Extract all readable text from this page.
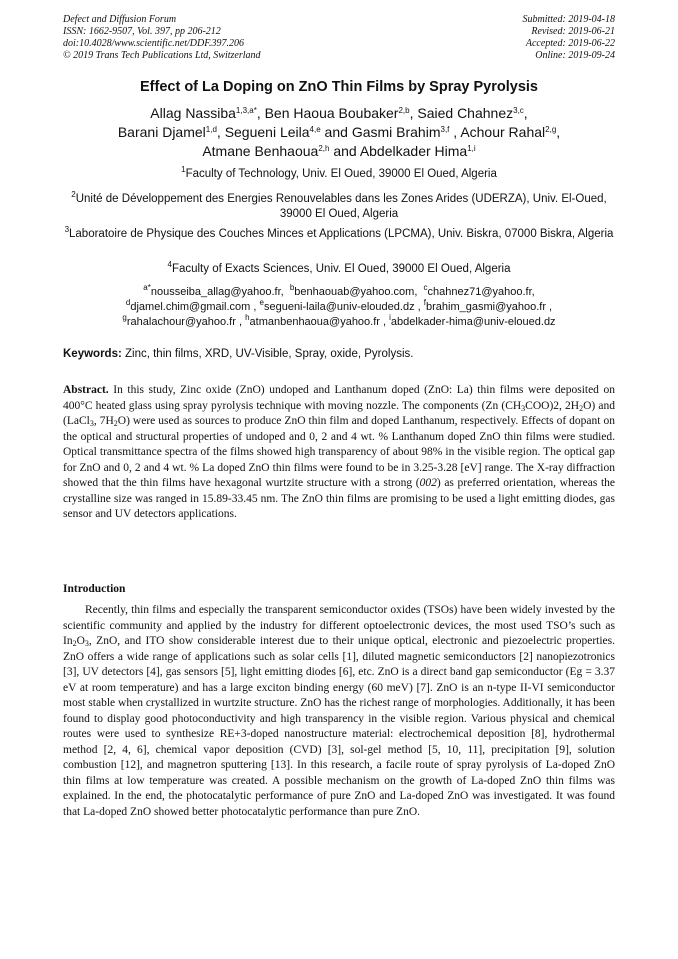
Defect and Diffusion Forum
ISSN: 1662-9507, Vol. 397, pp 206-212
doi:10.4028/www.scientific.net/DDF.397.206
© 2019 Trans Tech Publications Ltd, Switzerland
Submitted: 2019-04-18
Revised: 2019-06-21
Accepted: 2019-06-22
Online: 2019-09-24
Effect of La Doping on ZnO Thin Films by Spray Pyrolysis
Allag Nassiba$^{1,3,a*}$, Ben Haoua Boubaker$^{2,b}$, Saied Chahnez$^{3,c}$,
Barani Djamel$^{1,d}$, Segueni Leila$^{4,e}$ and Gasmi Brahim$^{3,f}$ , Achour Rahal$^{2,g}$,
Atmane Benhaoua$^{2,h}$ and Abdelkader Hima$^{1,i}$
$^1$Faculty of Technology, Univ. El Oued, 39000 El Oued, Algeria
$^2$Unité de Développement des Energies Renouvelables dans les Zones Arides (UDERZA), Univ. El-Oued, 39000 El Oued, Algeria
$^3$Laboratoire de Physique des Couches Minces et Applications (LPCMA), Univ. Biskra, 07000 Biskra, Algeria
$^4$Faculty of Exacts Sciences, Univ. El Oued, 39000 El Oued, Algeria
$^{a*}$nousseiba_allag@yahoo.fr, $^b$benhaouab@yahoo.com, $^c$chahnez71@yahoo.fr,
$^d$djamel.chim@gmail.com , $^e$segueni-laila@univ-elouded.dz , $^f$brahim_gasmi@yahoo.fr ,
$^g$rahalachour@yahoo.fr , $^h$atmanbenhaoua@yahoo.fr , $^i$abdelkader-hima@univ-eloued.dz
Keywords: Zinc, thin films, XRD, UV-Visible, Spray, oxide, Pyrolysis.
Abstract. In this study, Zinc oxide (ZnO) undoped and Lanthanum doped (ZnO: La) thin films were deposited on 400°C heated glass using spray pyrolysis technique with moving nozzle. The components (Zn $(CH_3COO)2$, $2H_2O$) and (LaCl$_3$, $7H_2O$) were used as sources to produce ZnO thin film and doped Lanthanum, respectively. Effects of dopant on the optical and structural properties of undoped and 0, 2 and 4 wt. % Lanthanum doped ZnO thin films were studied. Optical transmittance spectra of the films showed high transparency of about 98% in the visible region. The optical gap for ZnO and 0, 2 and 4 wt. % La doped ZnO thin films were found to be in 3.25-3.28 [eV] range. The X-ray diffraction showed that the thin films have hexagonal wurtzite structure with a strong (002) as preferred orientation, whereas the crystalline size was ranged in 15.89-33.45 nm. The ZnO thin films are promising to be used a light emitting diodes, gas sensor and UV detectors applications.
Introduction
Recently, thin films and especially the transparent semiconductor oxides (TSOs) have been widely invested by the scientific community and applied by the industry for different optoelectronic devices, the most used TSO’s such as $In_2O_3$, ZnO, and ITO show considerable interest due to their unique optical, electronic and piezoelectric properties. ZnO offers a wide range of applications such as solar cells [1], diluted magnetic semiconductors [2] nanopiezotronics [3], UV detectors [4], gas sensors [5], light emitting diodes [6], etc. ZnO is a direct band gap semiconductor (Eg = 3.37 eV at room temperature) and has a large exciton binding energy (60 meV) [7]. ZnO is an n-type II-VI semiconductor most stable when crystallized in wurtzite structure. ZnO has the richest range of morphologies. Additionally, it has been found to display good photoconductivity and high transparency in the visible region. Various physical and chemical routes were used to synthesize RE+3-doped nanostructure material: electrochemical deposition [8], hydrothermal method [2, 4, 6], chemical vapor deposition (CVD) [3], sol-gel method [5, 10, 11], precipitation [9], solution combustion [12], and magnetron sputtering [13]. In this research, a facile route of spray pyrolysis of La-doped ZnO thin films at low temperature was created. A possible mechanism on the growth of La-doped ZnO thin films was explained. In the end, the photocatalytic performance of pure ZnO and La-doped ZnO was investigated. It was found that La-doped ZnO showed better photocatalytic performance than pure ZnO.
